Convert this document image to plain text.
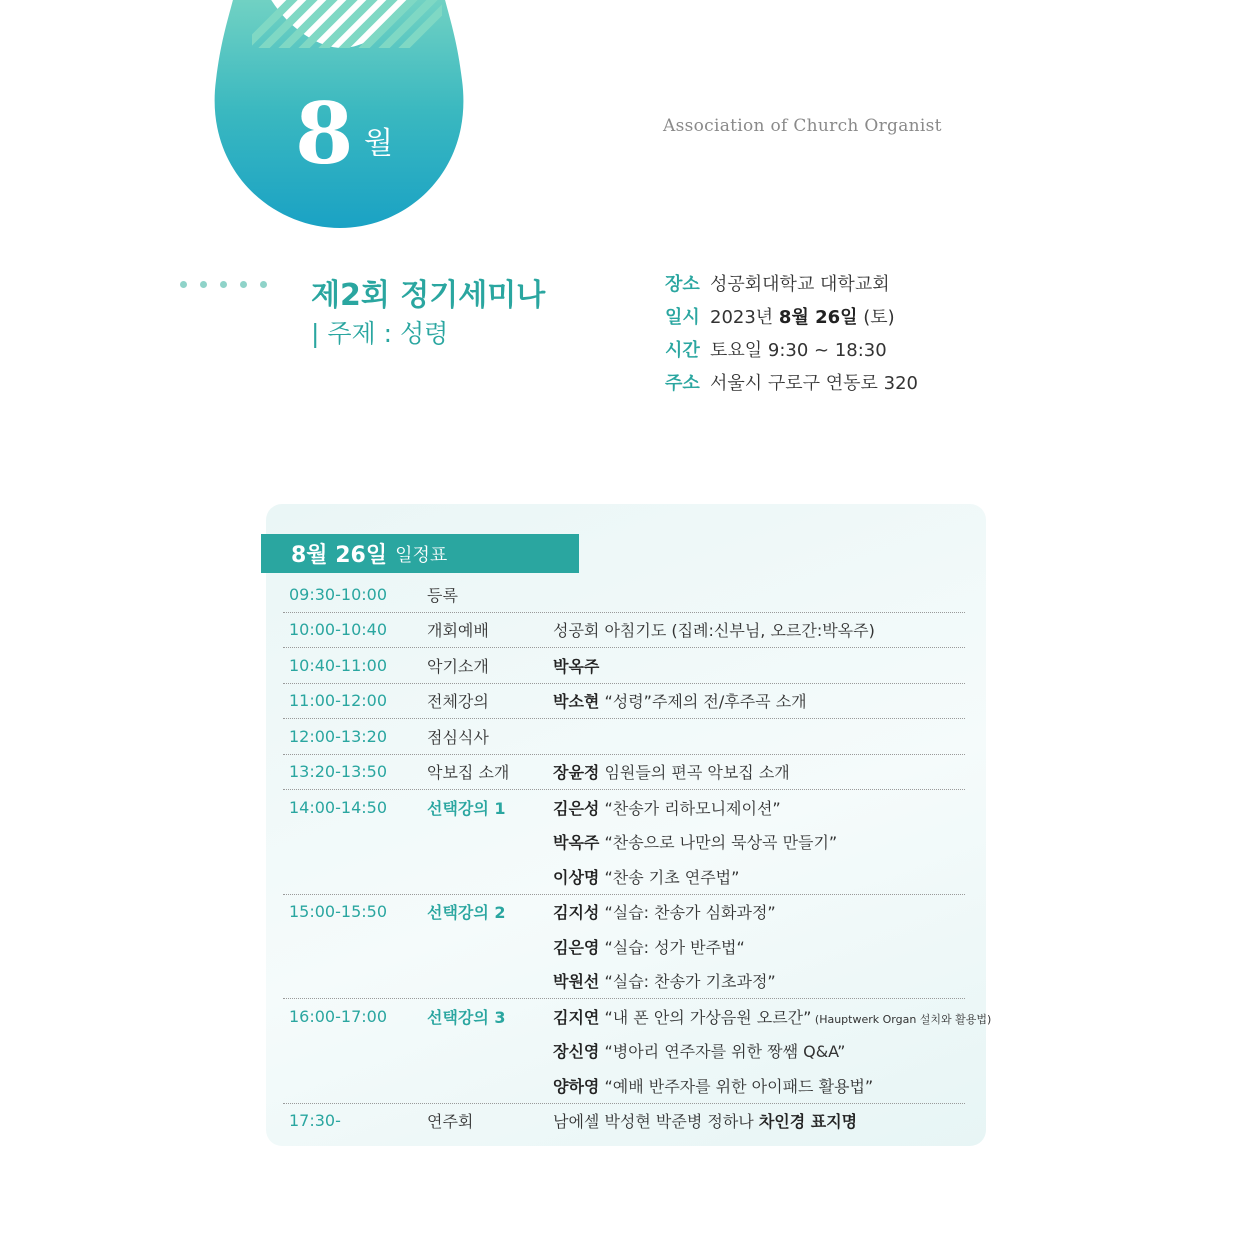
8 월	Association of Church Organist
제2회 정기세미나
| 주제 : 성령
장소 성공회대학교 대학교회
일시 2023년 8월 26일 (토)
시간 토요일 9:30 ~ 18:30
주소 서울시 구로구 연동로 320
8월 26일 일정표
09:30-10:00	등록
10:00-10:40	개회예배	성공회 아침기도 (집례:신부님, 오르간:박옥주)
10:40-11:00	악기소개	박옥주
11:00-12:00	전체강의	박소현 “성령”주제의 전/후주곡 소개
12:00-13:20	점심식사
13:20-13:50	악보집 소개	장윤정 임원들의 편곡 악보집 소개
14:00-14:50	선택강의 1	김은성 “찬송가 리하모니제이션”
박옥주 “찬송으로 나만의 묵상곡 만들기”
이상명 “찬송 기초 연주법”
15:00-15:50	선택강의 2	김지성 “실습: 찬송가 심화과정”
김은영 “실습: 성가 반주법“
박원선 “실습: 찬송가 기초과정”
16:00-17:00	선택강의 3	김지연 “내 폰 안의 가상음원 오르간” (Hauptwerk Organ 설치와 활용법)
장신영 “병아리 연주자를 위한 짱쌤 Q&A”
양하영 “예배 반주자를 위한 아이패드 활용법”
17:30-	연주회	남에셀 박성현 박준병 정하나 차인경 표지명
